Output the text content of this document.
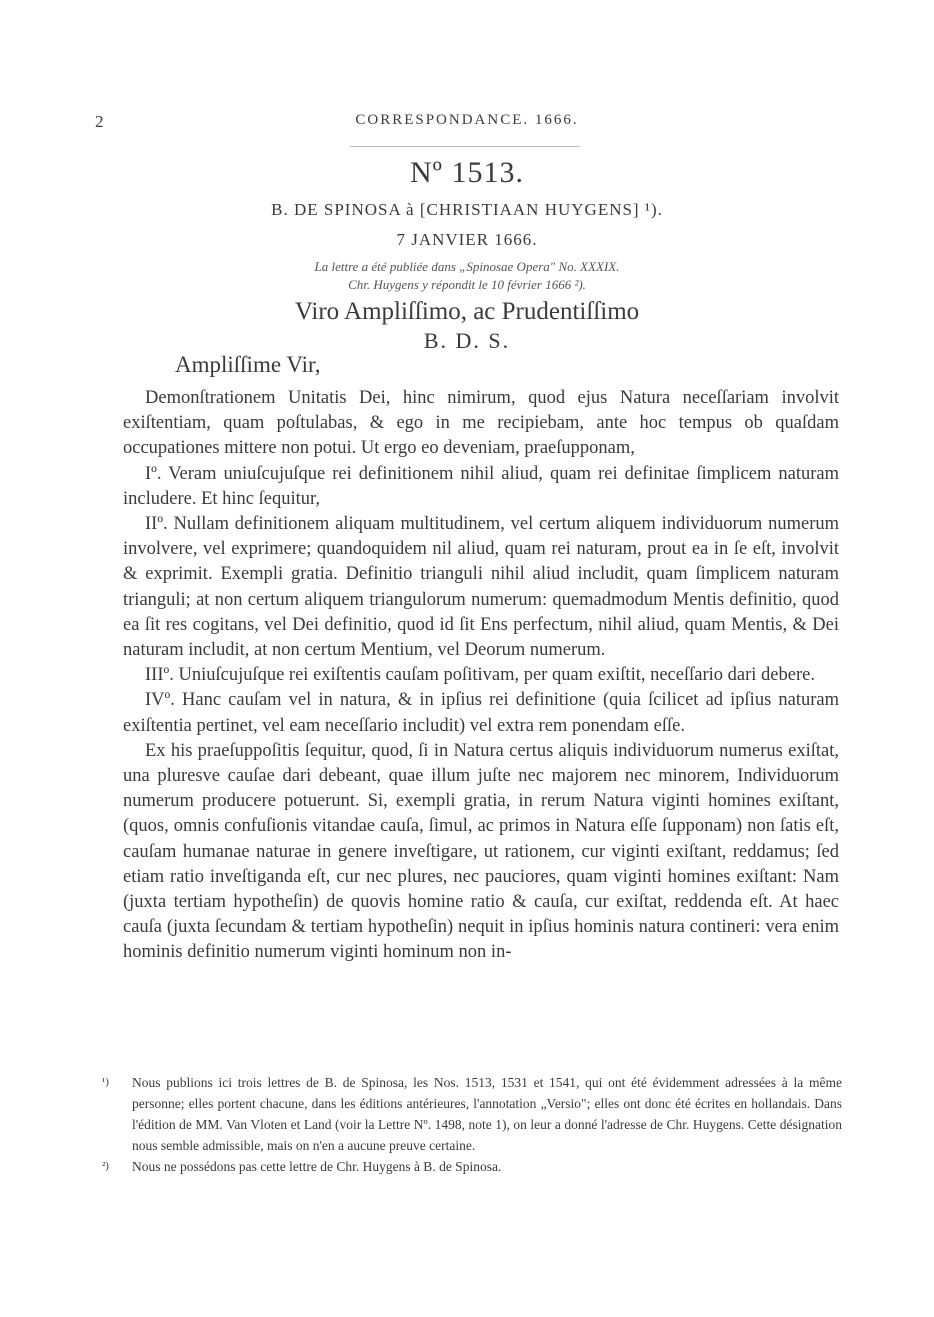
2	CORRESPONDANCE. 1666.
Nº 1513.
B. DE SPINOSA à [CHRISTIAAN HUYGENS] ¹).
7 JANVIER 1666.
La lettre a été publiée dans „Spinosae Opera" No. XXXIX.
Chr. Huygens y répondit le 10 février 1666 ²).
Viro Ampliſſimo, ac Prudentiſſimo
B. D. S.
Ampliſſime Vir,

Demonſtrationem Unitatis Dei, hinc nimirum, quod ejus Natura neceſſariam involvit exiſtentiam, quam poſtulabas, & ego in me recipiebam, ante hoc tempus ob quaſdam occupationes mittere non potui. Ut ergo eo deveniam, praeſupponam,

Iº. Veram uniuſcujuſque rei definitionem nihil aliud, quam rei definitae ſimplicem naturam includere. Et hinc ſequitur,

IIº. Nullam definitionem aliquam multitudinem, vel certum aliquem individuorum numerum involvere, vel exprimere; quandoquidem nil aliud, quam rei naturam, prout ea in ſe eſt, involvit & exprimit. Exempli gratia. Definitio trianguli nihil aliud includit, quam ſimplicem naturam trianguli; at non certum aliquem triangulorum numerum: quemadmodum Mentis definitio, quod ea ſit res cogitans, vel Dei definitio, quod id ſit Ens perfectum, nihil aliud, quam Mentis, & Dei naturam includit, at non certum Mentium, vel Deorum numerum.

IIIº. Uniuſcujuſque rei exiſtentis cauſam poſitivam, per quam exiſtit, neceſſario dari debere.

IVº. Hanc cauſam vel in natura, & in ipſius rei definitione (quia ſcilicet ad ipſius naturam exiſtentia pertinet, vel eam neceſſario includit) vel extra rem ponendam eſſe.

Ex his praeſuppoſitis ſequitur, quod, ſi in Natura certus aliquis individuorum numerus exiſtat, una pluresve cauſae dari debeant, quae illum juſte nec majorem nec minorem, Individuorum numerum producere potuerunt. Si, exempli gratia, in rerum Natura viginti homines exiſtant, (quos, omnis confuſionis vitandae cauſa, ſimul, ac primos in Natura eſſe ſupponam) non ſatis eſt, cauſam humanae naturae in genere inveſtigare, ut rationem, cur viginti exiſtant, reddamus; ſed etiam ratio inveſtiganda eſt, cur nec plures, nec pauciores, quam viginti homines exiſtant: Nam (juxta tertiam hypotheſin) de quovis homine ratio & cauſa, cur exiſtat, reddenda eſt. At haec cauſa (juxta ſecundam & tertiam hypotheſin) nequit in ipſius hominis natura contineri: vera enim hominis definitio numerum viginti hominum non in-

¹) Nous publions ici trois lettres de B. de Spinosa, les Nos. 1513, 1531 et 1541, qui ont été évidemment adressées à la même personne; elles portent chacune, dans les éditions antérieures, l'annotation „Versio"; elles ont donc été écrites en hollandais. Dans l'édition de MM. Van Vloten et Land (voir la Lettre Nº. 1498, note 1), on leur a donné l'adresse de Chr. Huygens. Cette désignation nous semble admissible, mais on n'en a aucune preuve certaine.

²) Nous ne possédons pas cette lettre de Chr. Huygens à B. de Spinosa.
